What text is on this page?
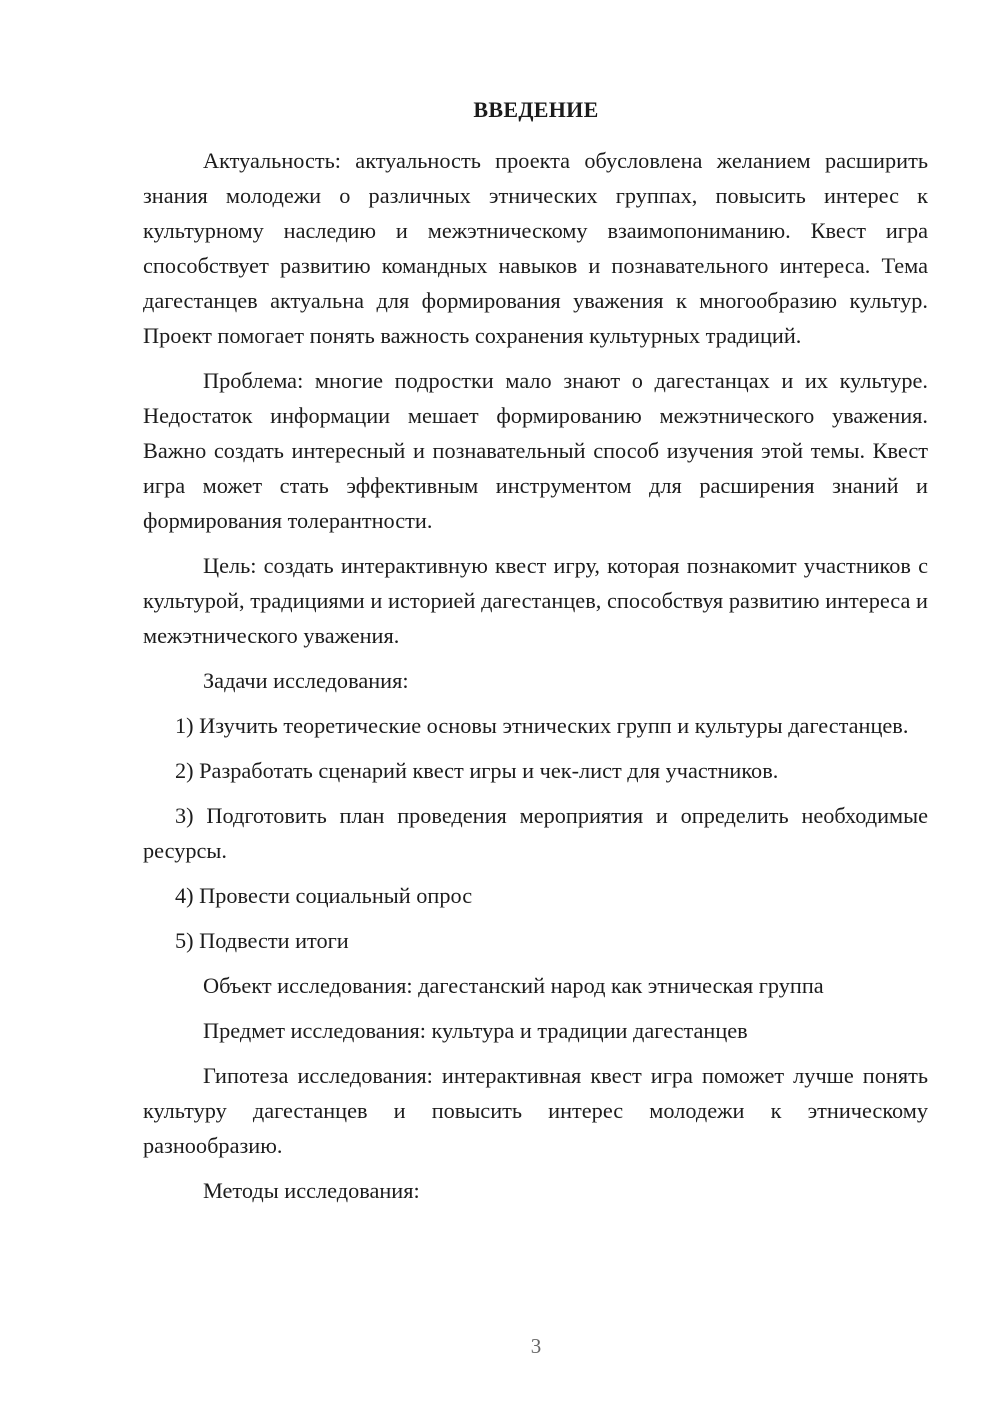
ВВЕДЕНИЕ

Актуальность: актуальность проекта обусловлена желанием расширить знания молодежи о различных этнических группах, повысить интерес к культурному наследию и межэтническому взаимопониманию. Квест игра способствует развитию командных навыков и познавательного интереса. Тема дагестанцев актуальна для формирования уважения к многообразию культур. Проект помогает понять важность сохранения культурных традиций.

Проблема: многие подростки мало знают о дагестанцах и их культуре. Недостаток информации мешает формированию межэтнического уважения. Важно создать интересный и познавательный способ изучения этой темы. Квест игра может стать эффективным инструментом для расширения знаний и формирования толерантности.

Цель: создать интерактивную квест игру, которая познакомит участников с культурой, традициями и историей дагестанцев, способствуя развитию интереса и межэтнического уважения.

Задачи исследования:

1) Изучить теоретические основы этнических групп и культуры дагестанцев.

2) Разработать сценарий квест игры и чек-лист для участников.

3) Подготовить план проведения мероприятия и определить необходимые ресурсы.

4) Провести социальный опрос

5) Подвести итоги

Объект исследования: дагестанский народ как этническая группа

Предмет исследования: культура и традиции дагестанцев

Гипотеза исследования: интерактивная квест игра поможет лучше понять культуру дагестанцев и повысить интерес молодежи к этническому разнообразию.

Методы исследования:

3
